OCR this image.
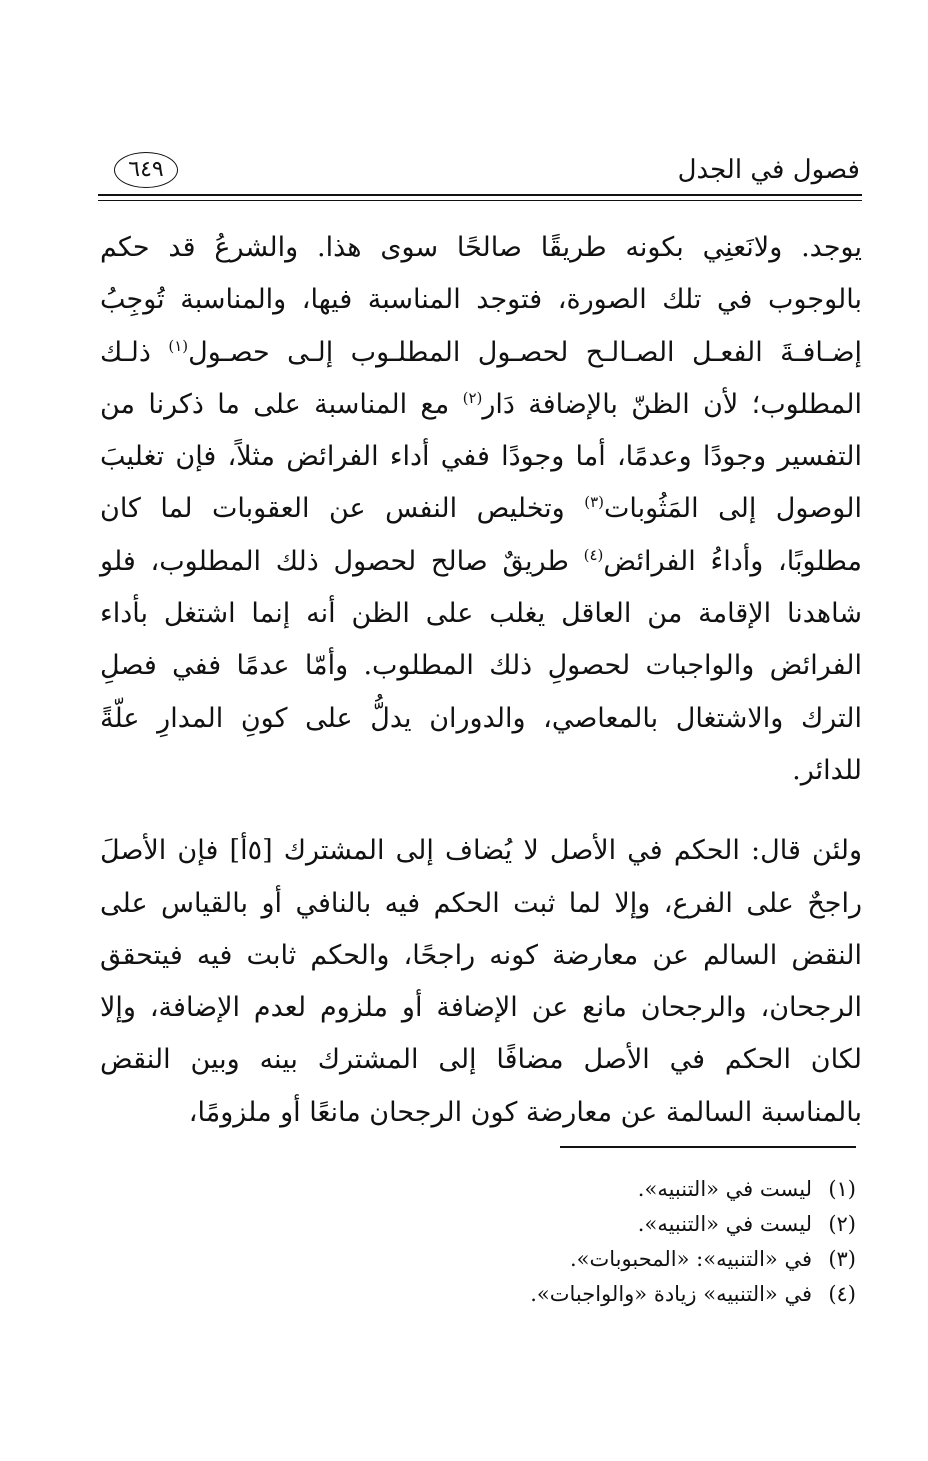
فصول في الجدل
٦٤٩

يوجد. ولانَعنِي بكونه طريقًا صالحًا سوى هذا. والشرعُ قد حكم بالوجوب في تلك الصورة، فتوجد المناسبة فيها، والمناسبة تُوجِبُ إضـافـةَ الفعـل الصـالـح لحصـول المطلـوب إلـى حصـول$^{(١)}$ ذلـك المطلوب؛ لأن الظنّ بالإضافة دَار$^{(٢)}$ مع المناسبة على ما ذكرنا من التفسير وجودًا وعدمًا، أما وجودًا ففي أداء الفرائض مثلاً، فإن تغليبَ الوصول إلى المَثُوبات$^{(٣)}$ وتخليص النفس عن العقوبات لما كان مطلوبًا، وأداءُ الفرائض$^{(٤)}$ طريقٌ صالح لحصول ذلك المطلوب، فلو شاهدنا الإقامة من العاقل يغلب على الظن أنه إنما اشتغل بأداء الفرائض والواجبات لحصولِ ذلك المطلوب. وأمّا عدمًا ففي فصلِ الترك والاشتغال بالمعاصي، والدوران يدلُّ على كونِ المدارِ علّةً للدائر.

ولئن قال: الحكم في الأصل لا يُضاف إلى المشترك [٥أ] فإن الأصلَ راجحٌ على الفرع، وإلا لما ثبت الحكم فيه بالنافي أو بالقياس على النقض السالم عن معارضة كونه راجحًا، والحكم ثابت فيه فيتحقق الرجحان، والرجحان مانع عن الإضافة أو ملزوم لعدم الإضافة، وإلا لكان الحكم في الأصل مضافًا إلى المشترك بينه وبين النقض بالمناسبة السالمة عن معارضة كون الرجحان مانعًا أو ملزومًا،

(١)ليست في «التنبيه».
(٢)ليست في «التنبيه».
(٣)في «التنبيه»: «المحبوبات».
(٤)في «التنبيه» زيادة «والواجبات».
